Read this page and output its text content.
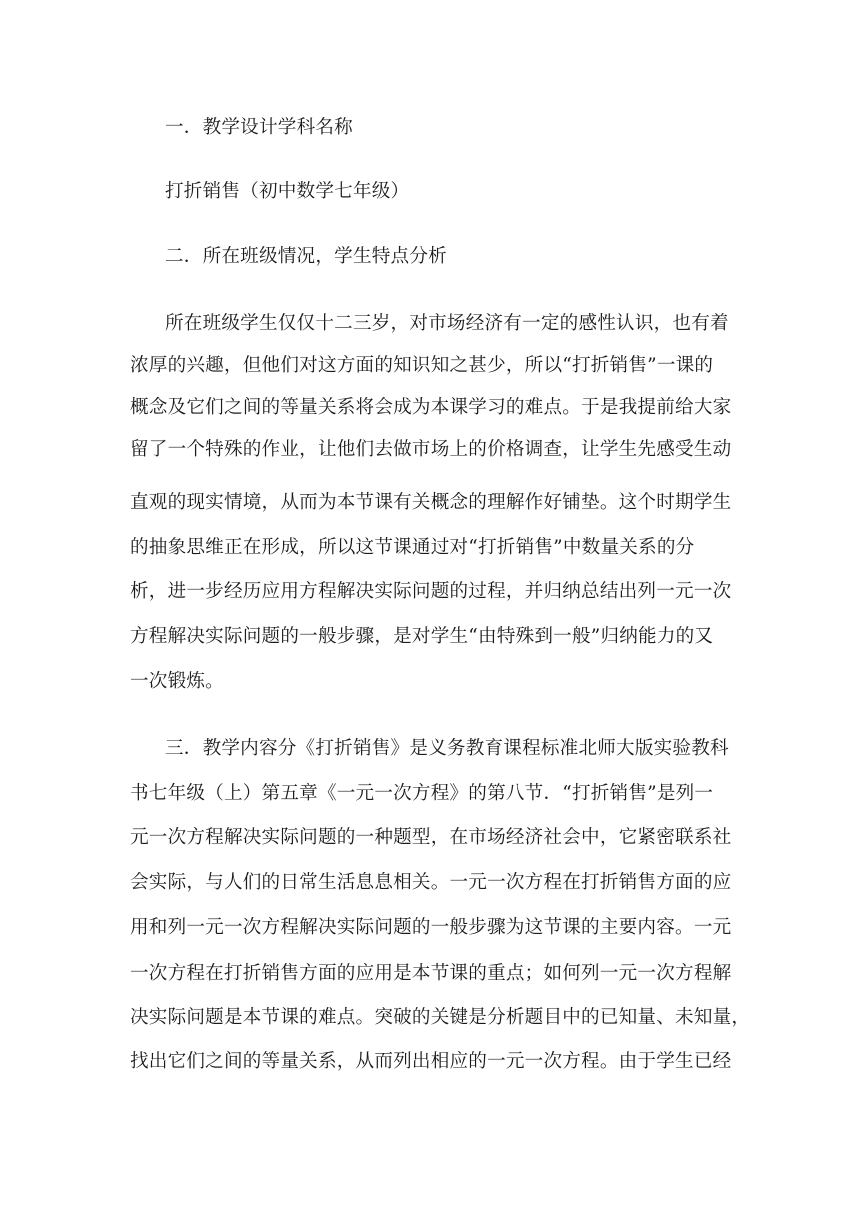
一．教学设计学科名称
打折销售（初中数学七年级）
二．所在班级情况，学生特点分析
所在班级学生仅仅十二三岁，对市场经济有一定的感性认识，也有着
浓厚的兴趣，但他们对这方面的知识知之甚少，所以“打折销售”一课的
概念及它们之间的等量关系将会成为本课学习的难点。于是我提前给大家
留了一个特殊的作业，让他们去做市场上的价格调查，让学生先感受生动
直观的现实情境，从而为本节课有关概念的理解作好铺垫。这个时期学生
的抽象思维正在形成，所以这节课通过对“打折销售”中数量关系的分
析，进一步经历应用方程解决实际问题的过程，并归纳总结出列一元一次
方程解决实际问题的一般步骤，是对学生“由特殊到一般”归纳能力的又
一次锻炼。
三．教学内容分《打折销售》是义务教育课程标准北师大版实验教科
书七年级（上）第五章《一元一次方程》的第八节．“打折销售”是列一
元一次方程解决实际问题的一种题型，在市场经济社会中，它紧密联系社
会实际，与人们的日常生活息息相关。一元一次方程在打折销售方面的应
用和列一元一次方程解决实际问题的一般步骤为这节课的主要内容。一元
一次方程在打折销售方面的应用是本节课的重点；如何列一元一次方程解
决实际问题是本节课的难点。突破的关键是分析题目中的已知量、未知量，
找出它们之间的等量关系，从而列出相应的一元一次方程。由于学生已经
